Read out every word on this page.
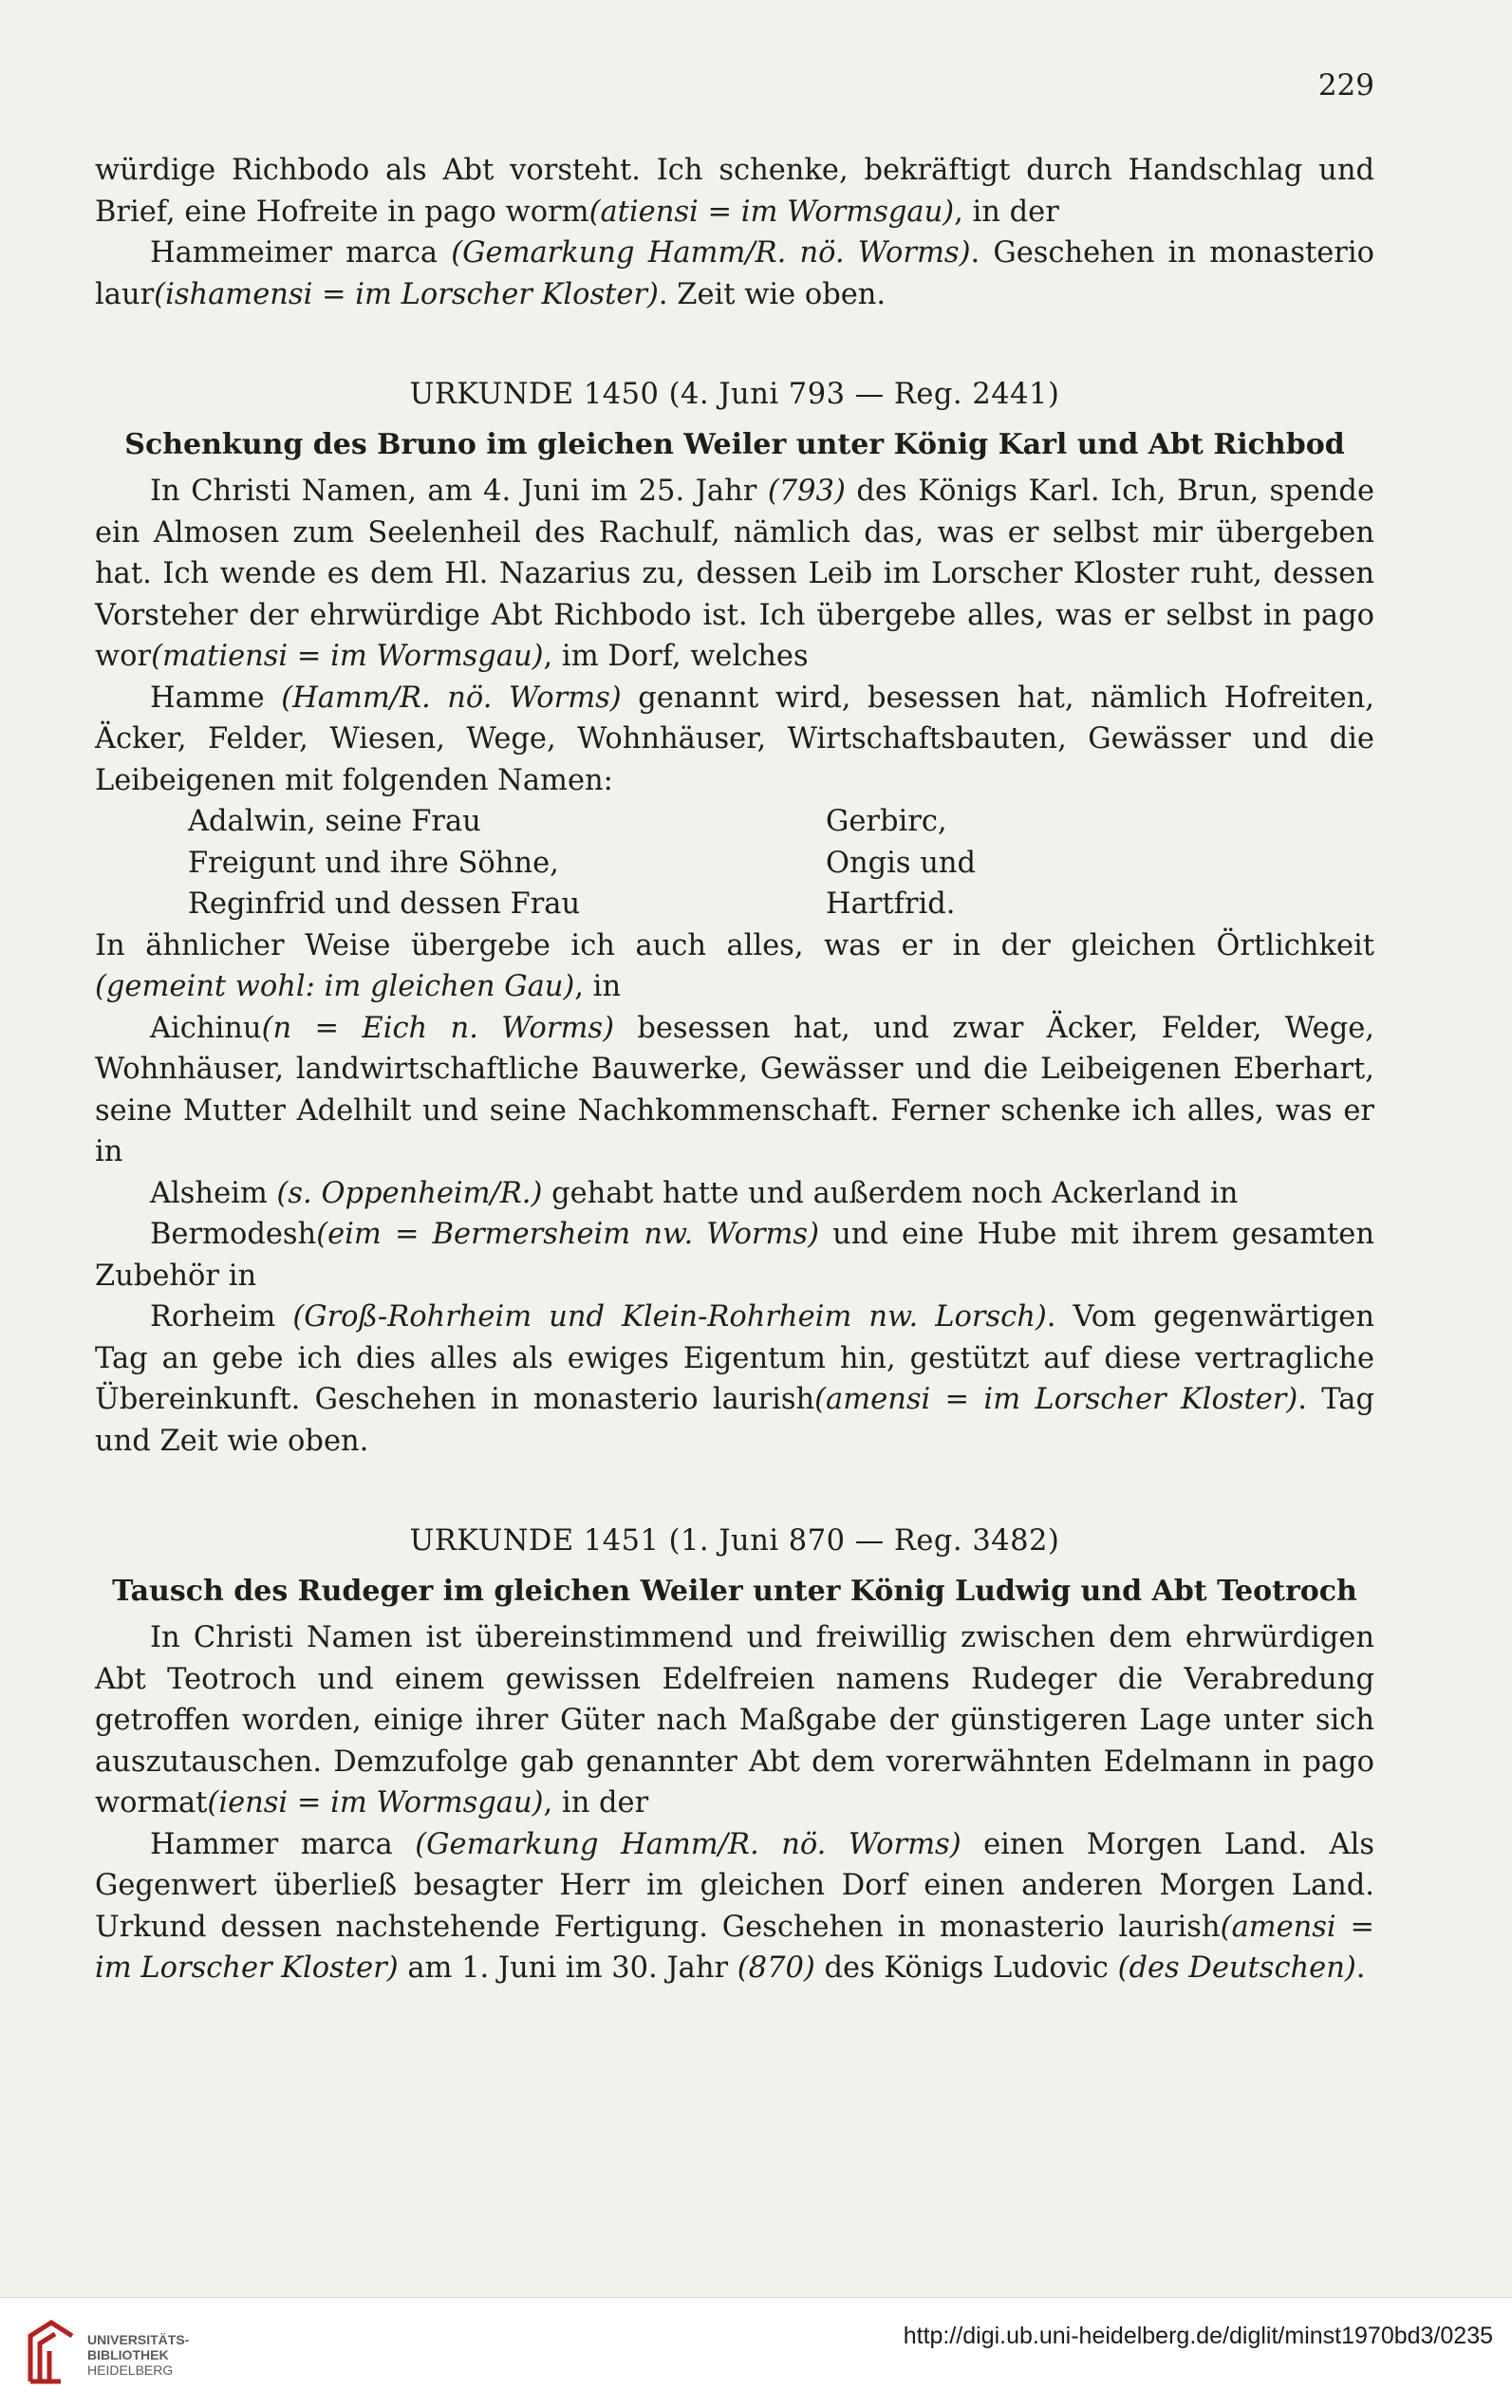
229

würdige Richbodo als Abt vorsteht. Ich schenke, bekräftigt durch Handschlag und Brief, eine Hofreite in pago worm(atiensi = im Wormsgau), in der

Hammeimer marca (Gemarkung Hamm/R. nö. Worms). Geschehen in monasterio laur(ishamensi = im Lorscher Kloster). Zeit wie oben.

URKUNDE 1450 (4. Juni 793 — Reg. 2441)

Schenkung des Bruno im gleichen Weiler unter König Karl und Abt Richbod

In Christi Namen, am 4. Juni im 25. Jahr (793) des Königs Karl. Ich, Brun, spende ein Almosen zum Seelenheil des Rachulf, nämlich das, was er selbst mir übergeben hat. Ich wende es dem Hl. Nazarius zu, dessen Leib im Lorscher Kloster ruht, dessen Vorsteher der ehrwürdige Abt Richbodo ist. Ich übergebe alles, was er selbst in pago wor(matiensi = im Wormsgau), im Dorf, welches

Hamme (Hamm/R. nö. Worms) genannt wird, besessen hat, nämlich Hofreiten, Äcker, Felder, Wiesen, Wege, Wohnhäuser, Wirtschaftsbauten, Gewässer und die Leibeigenen mit folgenden Namen:

Adalwin, seine Frau	Gerbirc,
Freigunt und ihre Söhne,	Ongis und
Reginfrid und dessen Frau	Hartfrid.

In ähnlicher Weise übergebe ich auch alles, was er in der gleichen Örtlichkeit (gemeint wohl: im gleichen Gau), in

Aichinu(n = Eich n. Worms) besessen hat, und zwar Äcker, Felder, Wege, Wohnhäuser, landwirtschaftliche Bauwerke, Gewässer und die Leibeigenen Eberhart, seine Mutter Adelhilt und seine Nachkommenschaft. Ferner schenke ich alles, was er in

Alsheim (s. Oppenheim/R.) gehabt hatte und außerdem noch Ackerland in

Bermodesh(eim = Bermersheim nw. Worms) und eine Hube mit ihrem gesamten Zubehör in

Rorheim (Groß-Rohrheim und Klein-Rohrheim nw. Lorsch). Vom gegenwärtigen Tag an gebe ich dies alles als ewiges Eigentum hin, gestützt auf diese vertragliche Übereinkunft. Geschehen in monasterio laurish(amensi = im Lorscher Kloster). Tag und Zeit wie oben.

URKUNDE 1451 (1. Juni 870 — Reg. 3482)

Tausch des Rudeger im gleichen Weiler unter König Ludwig und Abt Teotroch

In Christi Namen ist übereinstimmend und freiwillig zwischen dem ehrwürdigen Abt Teotroch und einem gewissen Edelfreien namens Rudeger die Verabredung getroffen worden, einige ihrer Güter nach Maßgabe der günstigeren Lage unter sich auszutauschen. Demzufolge gab genannter Abt dem vorerwähnten Edelmann in pago wormat(iensi = im Wormsgau), in der

Hammer marca (Gemarkung Hamm/R. nö. Worms) einen Morgen Land. Als Gegenwert überließ besagter Herr im gleichen Dorf einen anderen Morgen Land. Urkund dessen nachstehende Fertigung. Geschehen in monasterio laurish(amensi = im Lorscher Kloster) am 1. Juni im 30. Jahr (870) des Königs Ludovic (des Deutschen).

UNIVERSITÄTS-
BIBLIOTHEK
HEIDELBERG
http://digi.ub.uni-heidelberg.de/diglit/minst1970bd3/0235
